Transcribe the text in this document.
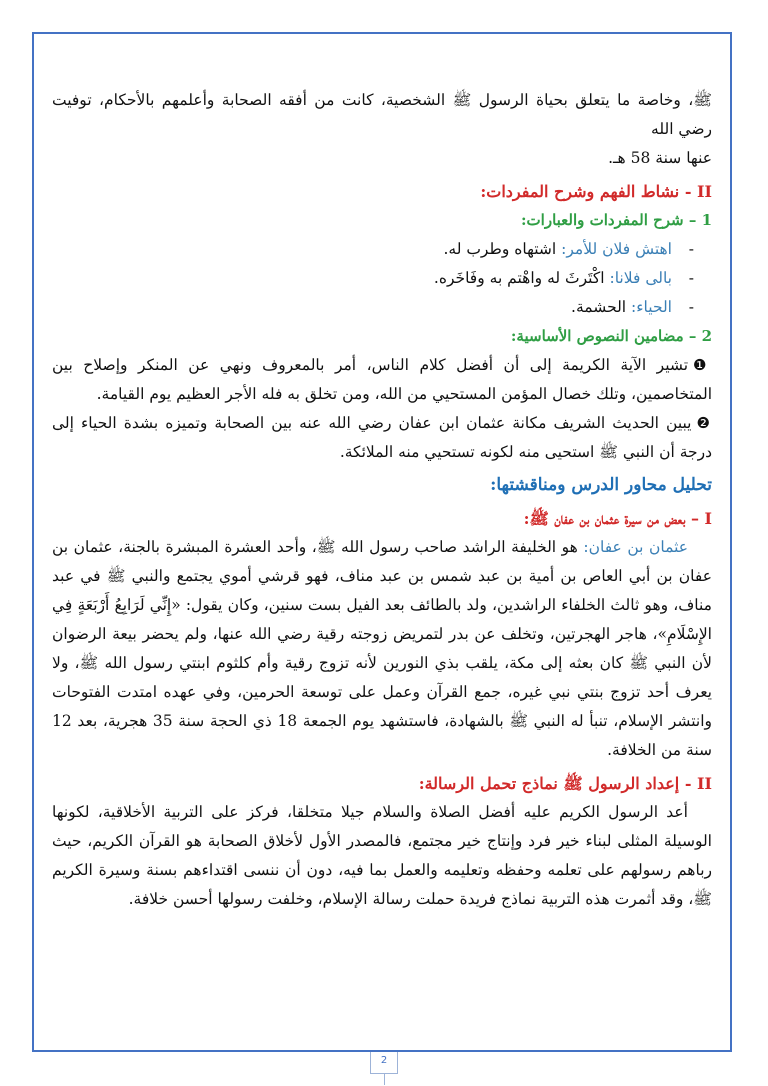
ﷺ، وخاصة ما يتعلق بحياة الرسول ﷺ الشخصية، كانت من أفقه الصحابة وأعلمهم بالأحكام، توفيت رضي الله
عنها سنة 58 هـ.

II - نشاط الفهم وشرح المفردات:

1 – شرح المفردات والعبارات:

- اهتش فلان للأمر: اشتهاه وطرب له.
- بالى فلانا: اكْتَرثَ له واهْتم به وفَاخَره.
- الحياء: الحشمة.

2 – مضامين النصوص الأساسية:

❶ تشير الآية الكريمة إلى أن أفضل كلام الناس، أمر بالمعروف ونهي عن المنكر وإصلاح بين المتخاصمين، وتلك خصال المؤمن المستحيي من الله، ومن تخلق به فله الأجر العظيم يوم القيامة.

❷ يبين الحديث الشريف مكانة عثمان ابن عفان رضي الله عنه بين الصحابة وتميزه بشدة الحياء إلى درجة أن النبي ﷺ استحيى منه لكونه تستحيي منه الملائكة.

تحليل محاور الدرس ومناقشتها:

I – بعض من سيرة عثمان بن عفان ﷺ:

عثمان بن عفان: هو الخليفة الراشد صاحب رسول الله ﷺ، وأحد العشرة المبشرة بالجنة، عثمان بن عفان بن أبي العاص بن أمية بن عبد شمس بن عبد مناف، فهو قرشي أموي يجتمع والنبي ﷺ في عبد مناف، وهو ثالث الخلفاء الراشدين، ولد بالطائف بعد الفيل بست سنين، وكان يقول: «إِنِّي لَرَابِعُ أَرْبَعَةٍ فِي الإِسْلَامِ»، هاجر الهجرتين، وتخلف عن بدر لتمريض زوجته رقية رضي الله عنها، ولم يحضر بيعة الرضوان لأن النبي ﷺ كان بعثه إلى مكة، يلقب بذي النورين لأنه تزوج رقية وأم كلثوم ابنتي رسول الله ﷺ، ولا يعرف أحد تزوج بنتي نبي غيره، جمع القرآن وعمل على توسعة الحرمين، وفي عهده امتدت الفتوحات وانتشر الإسلام، تنبأ له النبي ﷺ بالشهادة، فاستشهد يوم الجمعة 18 ذي الحجة سنة 35 هجرية، بعد 12 سنة من الخلافة.

II - إعداد الرسول ﷺ نماذج تحمل الرسالة:

أعد الرسول الكريم عليه أفضل الصلاة والسلام جيلا متخلقا، فركز على التربية الأخلاقية، لكونها الوسيلة المثلى لبناء خير فرد وإنتاج خير مجتمع، فالمصدر الأول لأخلاق الصحابة هو القرآن الكريم، حيث رباهم رسولهم على تعلمه وحفظه وتعليمه والعمل بما فيه، دون أن ننسى اقتداءهم بسنة وسيرة الكريم ﷺ، وقد أثمرت هذه التربية نماذج فريدة حملت رسالة الإسلام، وخلفت رسولها أحسن خلافة.

2
